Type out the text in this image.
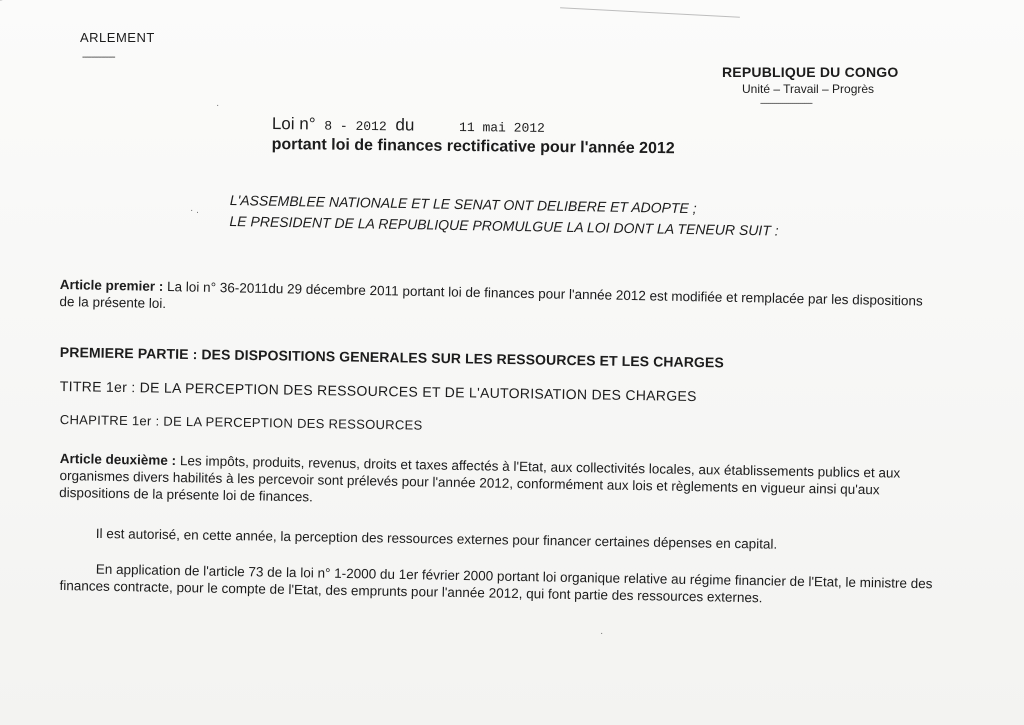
ARLEMENT
--------------
REPUBLIQUE DU CONGO
Unité – Travail – Progrès
--------------------------
Loi n° 8 - 2012 du	11 mai 2012
portant loi de finances rectificative pour l'année 2012
L'ASSEMBLEE NATIONALE ET LE SENAT ONT DELIBERE ET ADOPTE ;
LE PRESIDENT DE LA REPUBLIQUE PROMULGUE LA LOI DONT LA TENEUR SUIT :
Article premier : La loi n° 36-2011du 29 décembre 2011 portant loi de finances pour l'année 2012 est modifiée et remplacée par les dispositions de la présente loi.
PREMIERE PARTIE : DES DISPOSITIONS GENERALES SUR LES RESSOURCES ET LES CHARGES
TITRE 1er : DE LA PERCEPTION DES RESSOURCES ET DE L'AUTORISATION DES CHARGES
CHAPITRE 1er : DE LA PERCEPTION DES RESSOURCES
Article deuxième : Les impôts, produits, revenus, droits et taxes affectés à l'Etat, aux collectivités locales, aux établissements publics et aux organismes divers habilités à les percevoir sont prélevés pour l'année 2012, conformément aux lois et règlements en vigueur ainsi qu'aux dispositions de la présente loi de finances.
Il est autorisé, en cette année, la perception des ressources externes pour financer certaines dépenses en capital.
En application de l'article 73 de la loi n° 1-2000 du 1er février 2000 portant loi organique relative au régime financier de l'Etat, le ministre des finances contracte, pour le compte de l'Etat, des emprunts pour l'année 2012, qui font partie des ressources externes.
·
· .
·
